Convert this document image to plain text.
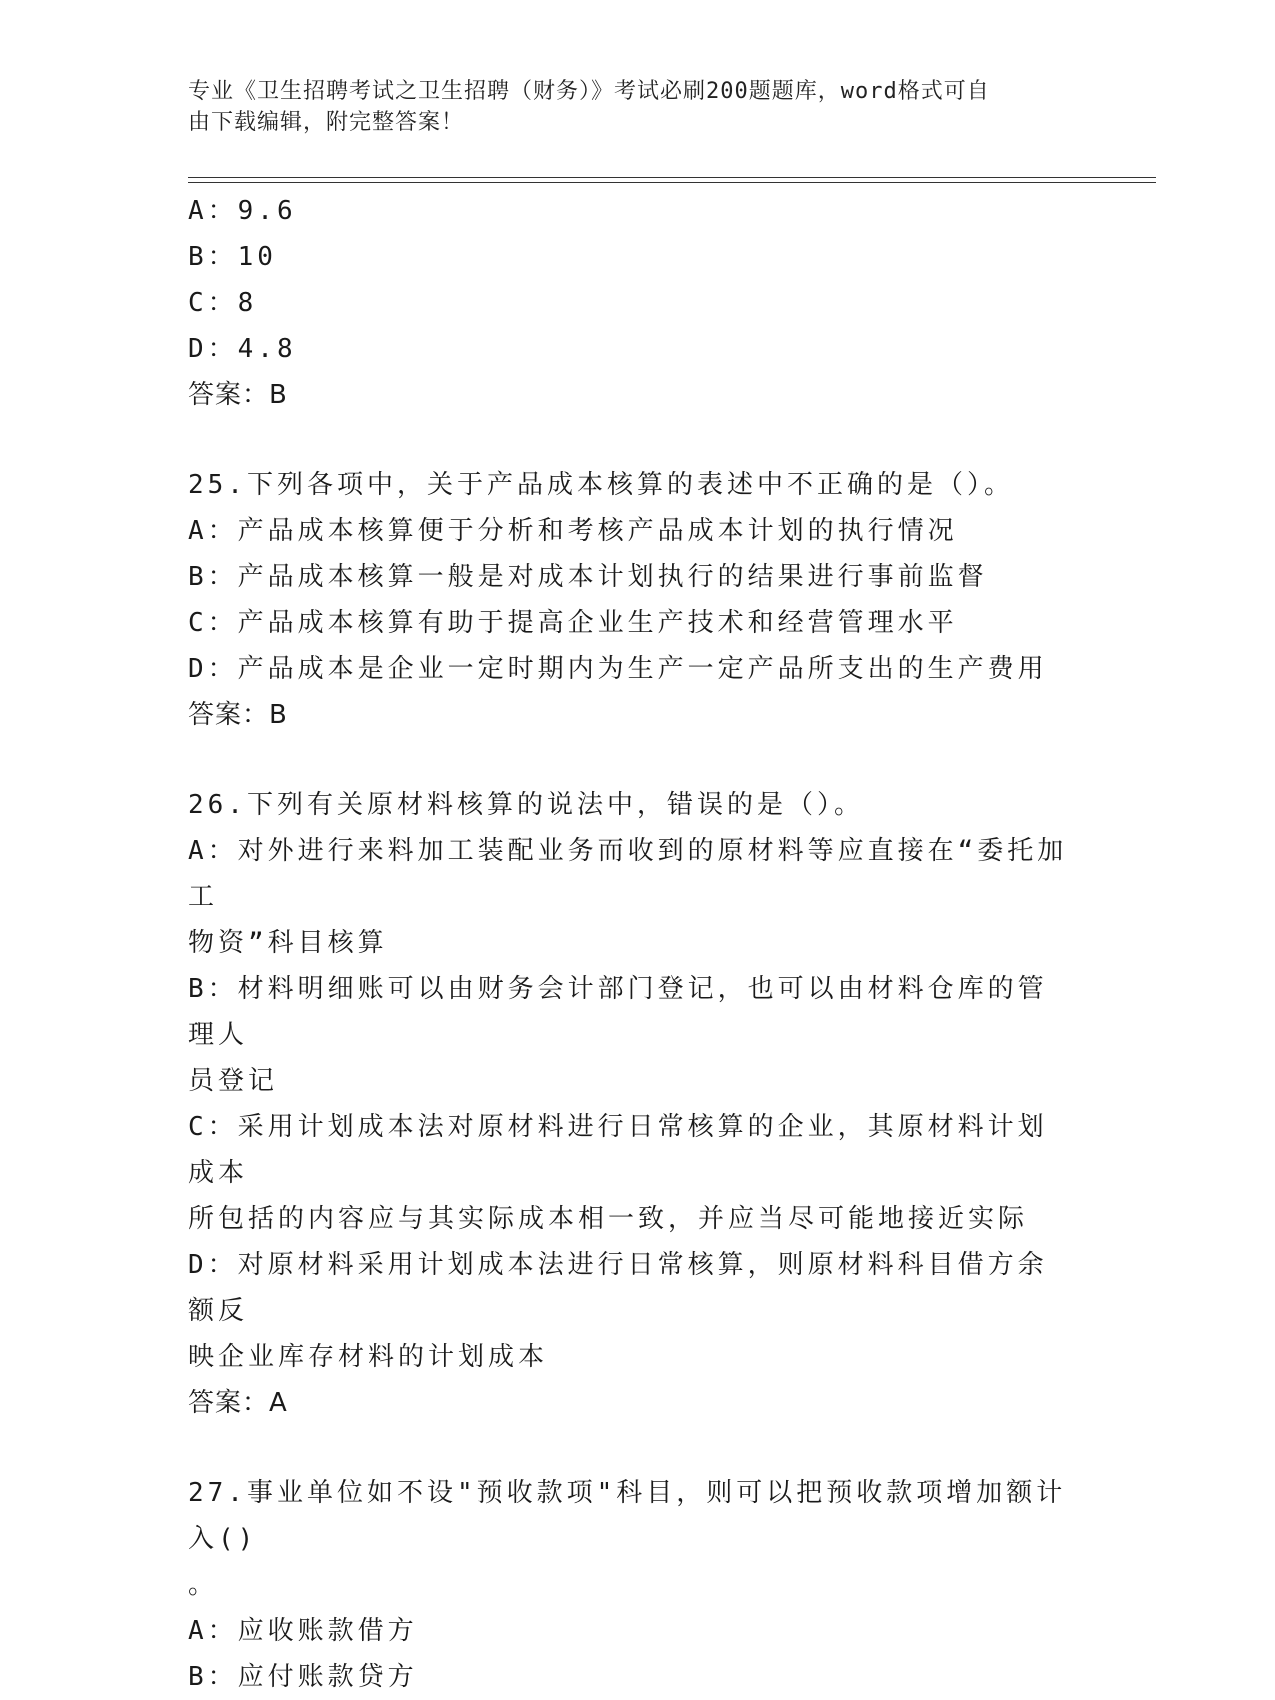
专业《卫生招聘考试之卫生招聘（财务）》考试必刷200题题库，word格式可自
由下载编辑，附完整答案！
A：9.6
B：10
C：8
D：4.8
答案：B
25.下列各项中，关于产品成本核算的表述中不正确的是（）。
A：产品成本核算便于分析和考核产品成本计划的执行情况
B：产品成本核算一般是对成本计划执行的结果进行事前监督
C：产品成本核算有助于提高企业生产技术和经营管理水平
D：产品成本是企业一定时期内为生产一定产品所支出的生产费用
答案：B
26.下列有关原材料核算的说法中，错误的是（）。
A：对外进行来料加工装配业务而收到的原材料等应直接在“委托加工
物资”科目核算
B：材料明细账可以由财务会计部门登记，也可以由材料仓库的管理人
员登记
C：采用计划成本法对原材料进行日常核算的企业，其原材料计划成本
所包括的内容应与其实际成本相一致，并应当尽可能地接近实际
D：对原材料采用计划成本法进行日常核算，则原材料科目借方余额反
映企业库存材料的计划成本
答案：A
27.事业单位如不设"预收款项"科目，则可以把预收款项增加额计入()
。
A：应收账款借方
B：应付账款贷方
